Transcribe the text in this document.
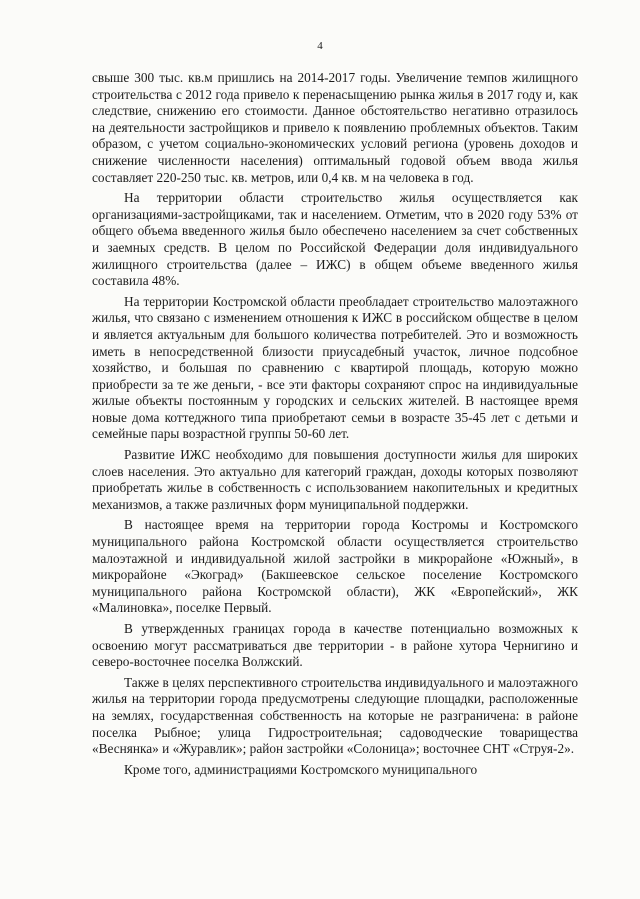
4

свыше 300 тыс. кв.м пришлись на 2014-2017 годы. Увеличение темпов жилищного строительства с 2012 года привело к перенасыщению рынка жилья в 2017 году и, как следствие, снижению его стоимости. Данное обстоятельство негативно отразилось на деятельности застройщиков и привело к появлению проблемных объектов. Таким образом, с учетом социально-экономических условий региона (уровень доходов и снижение численности населения) оптимальный годовой объем ввода жилья составляет 220-250 тыс. кв. метров, или 0,4 кв. м на человека в год.

На территории области строительство жилья осуществляется как организациями-застройщиками, так и населением. Отметим, что в 2020 году 53% от общего объема введенного жилья было обеспечено населением за счет собственных и заемных средств. В целом по Российской Федерации доля индивидуального жилищного строительства (далее – ИЖС) в общем объеме введенного жилья составила 48%.

На территории Костромской области преобладает строительство малоэтажного жилья, что связано с изменением отношения к ИЖС в российском обществе в целом и является актуальным для большого количества потребителей. Это и возможность иметь в непосредственной близости приусадебный участок, личное подсобное хозяйство, и большая по сравнению с квартирой площадь, которую можно приобрести за те же деньги, - все эти факторы сохраняют спрос на индивидуальные жилые объекты постоянным у городских и сельских жителей. В настоящее время новые дома коттеджного типа приобретают семьи в возрасте 35-45 лет с детьми и семейные пары возрастной группы 50-60 лет.

Развитие ИЖС необходимо для повышения доступности жилья для широких слоев населения. Это актуально для категорий граждан, доходы которых позволяют приобретать жилье в собственность с использованием накопительных и кредитных механизмов, а также различных форм муниципальной поддержки.

В настоящее время на территории города Костромы и Костромского муниципального района Костромской области осуществляется строительство малоэтажной и индивидуальной жилой застройки в микрорайоне «Южный», в микрорайоне «Экоград» (Бакшеевское сельское поселение Костромского муниципального района Костромской области), ЖК «Европейский», ЖК «Малиновка», поселке Первый.

В утвержденных границах города в качестве потенциально возможных к освоению могут рассматриваться две территории - в районе хутора Чернигино и северо-восточнее поселка Волжский.

Также в целях перспективного строительства индивидуального и малоэтажного жилья на территории города предусмотрены следующие площадки, расположенные на землях, государственная собственность на которые не разграничена: в районе поселка Рыбное; улица Гидростроительная; садоводческие товарищества «Веснянка» и «Журавлик»; район застройки «Солоница»; восточнее СНТ «Струя-2».

Кроме того, администрациями Костромского муниципального
